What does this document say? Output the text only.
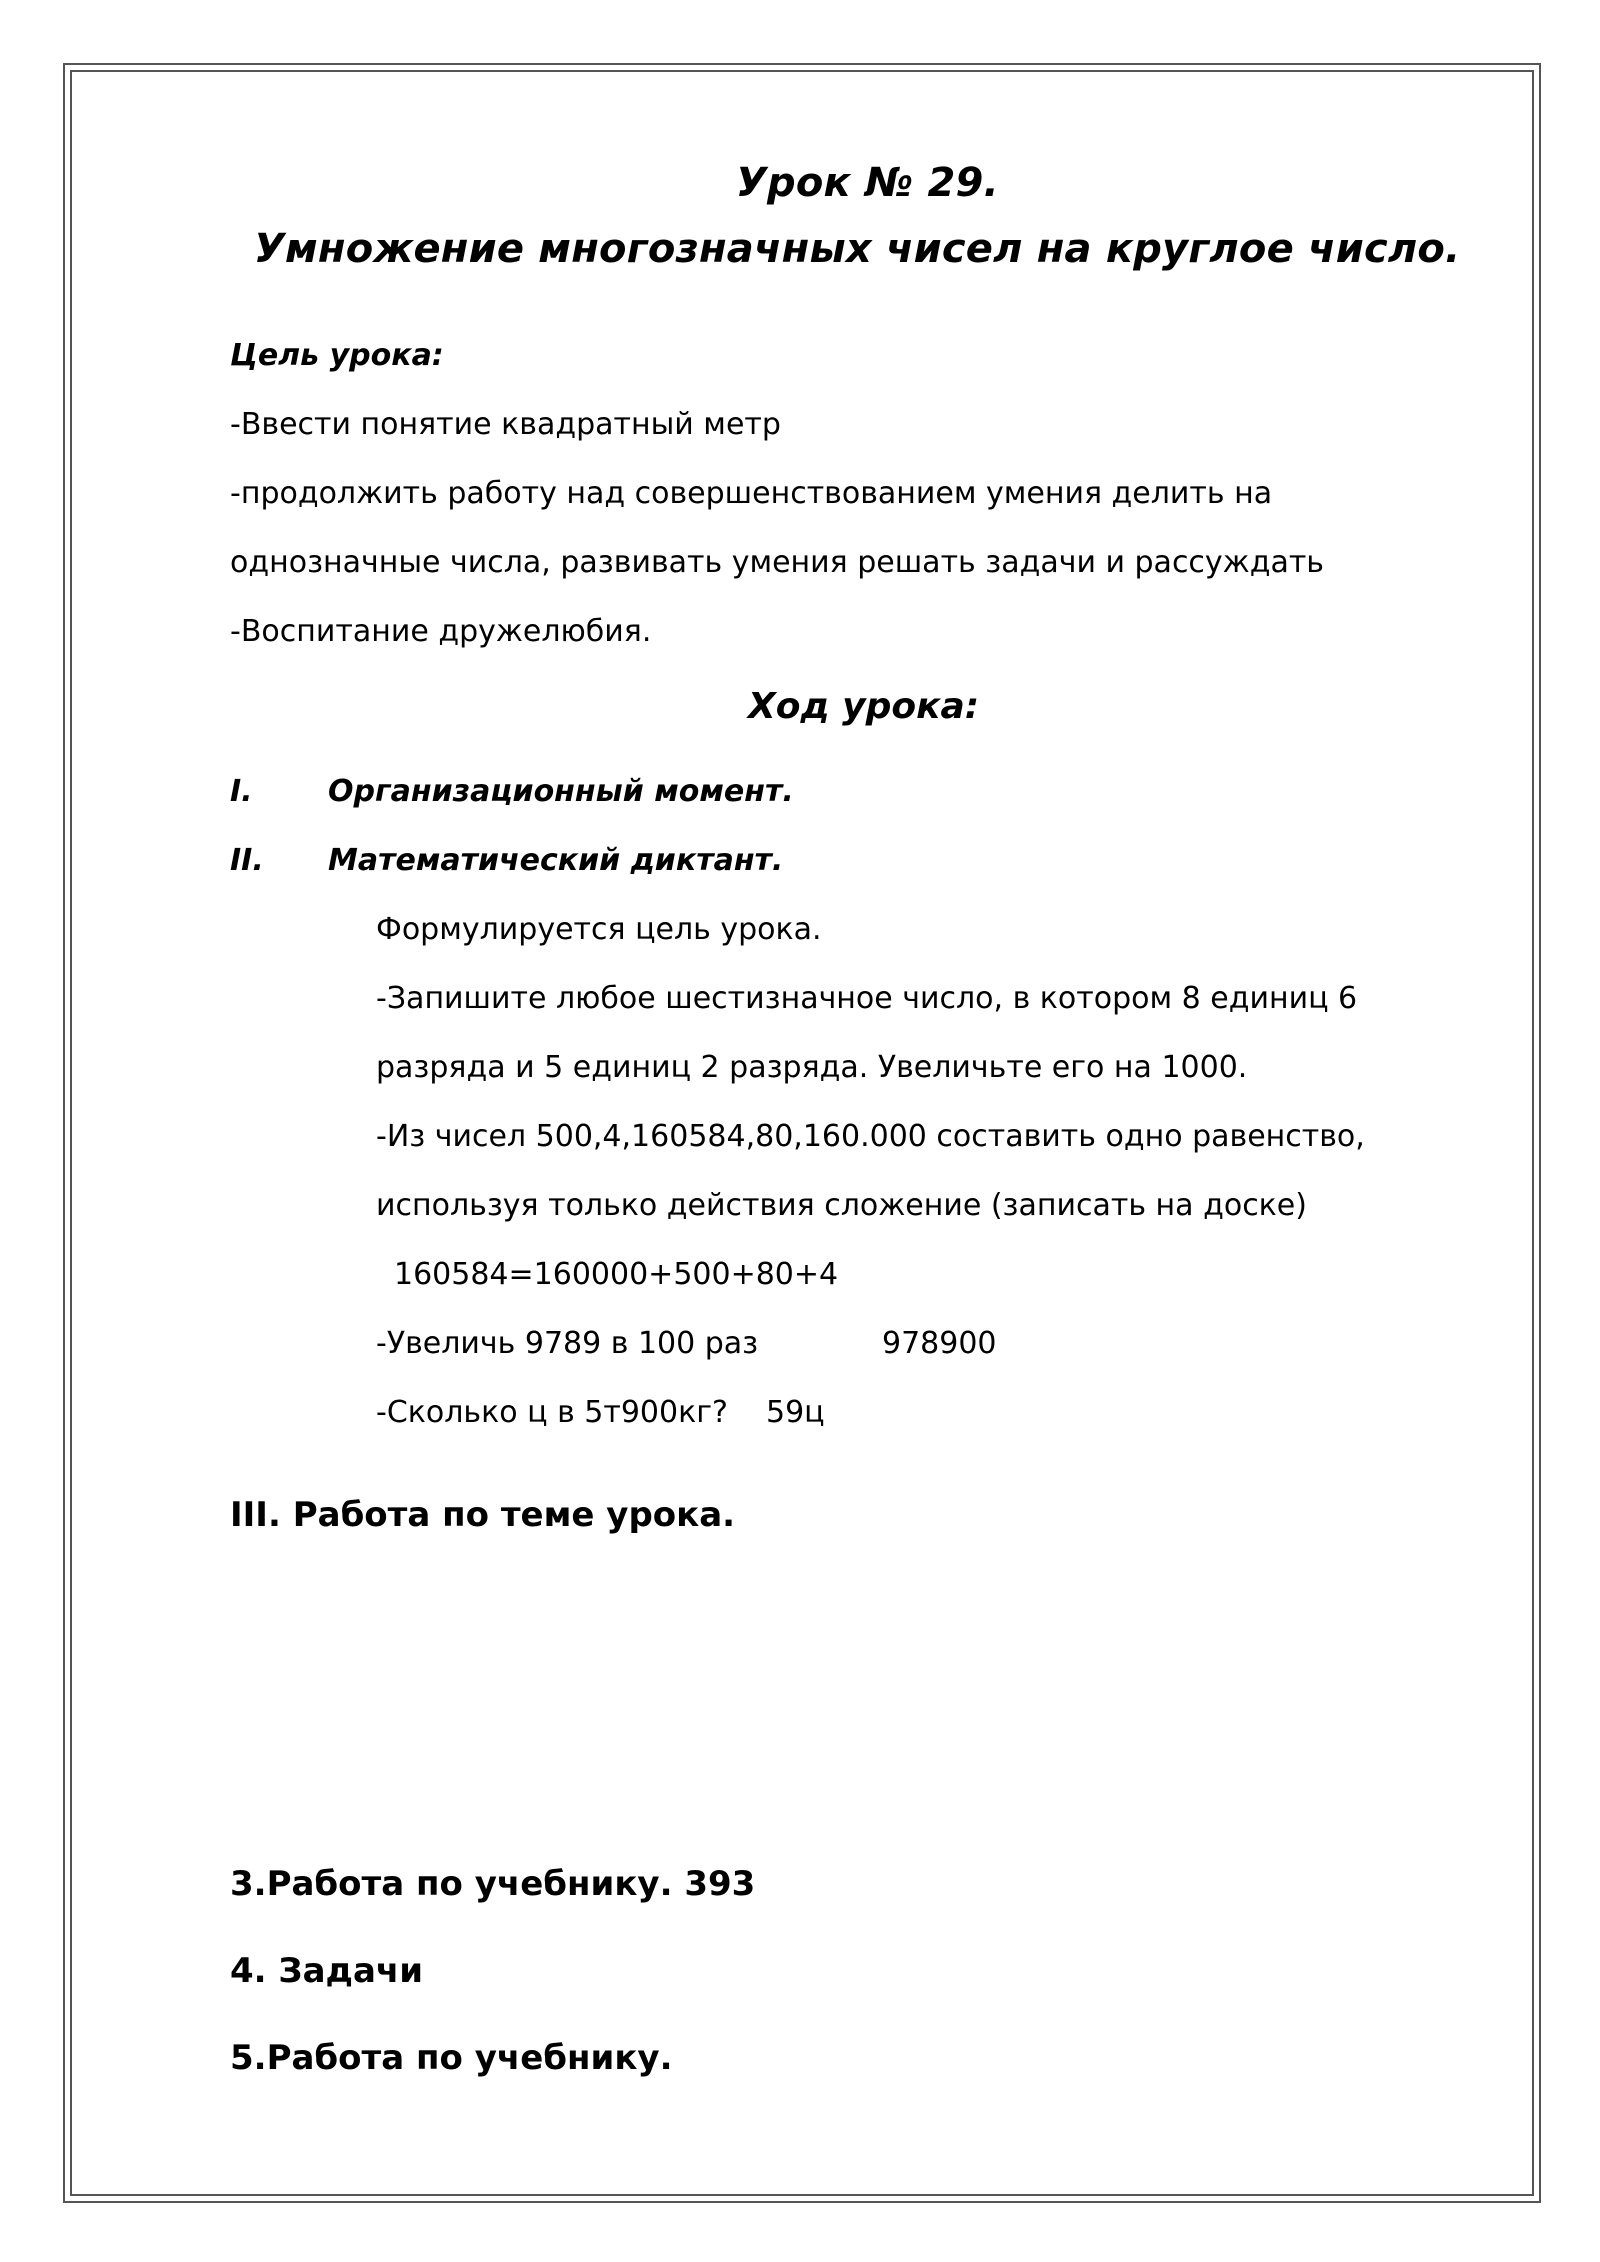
Урок № 29.
Умножение многозначных чисел на круглое число.
Цель урока:
-Ввести понятие квадратный метр
-продолжить работу над совершенствованием умения делить на
однозначные числа, развивать умения решать задачи и рассуждать
-Воспитание дружелюбия.
Ход урока:
I.	Организационный момент.
II. Математический диктант.
Формулируется цель урока.
-Запишите любое шестизначное число, в котором 8 единиц 6
разряда и 5 единиц 2 разряда. Увеличьте его на 1000.
-Из чисел 500,4,160584,80,160.000 составить одно равенство,
используя только действия сложение (записать на доске)
160584=160000+500+80+4
-Увеличь 9789 в 100 раз	978900
-Сколько ц в 5т900кг? 59ц
III. Работа по теме урока.
3.Работа по учебнику. 393
4. Задачи
5.Работа по учебнику.
